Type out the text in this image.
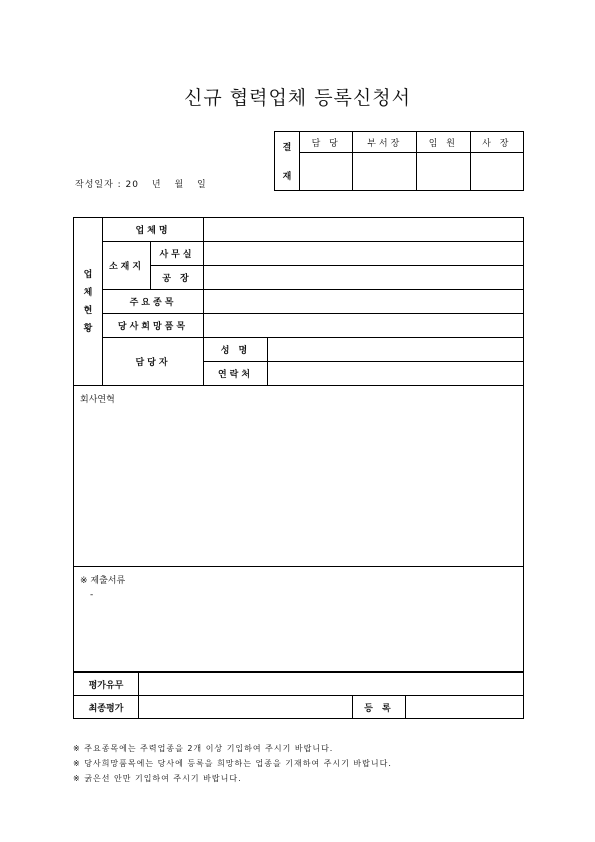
신규 협력업체 등록신청서
작성일자 : 20 년 월 일
결
재	담 당	부서장	임 원	사 장

업
체
현
황	업체명			
	소재지	사무실		
		공 장		
	주요종목			
	당사희망품목			
	담당자		성 명	
			연락처	
회사연혁				
※ 제출서류
-				
평가유무			
최종평가		등 록	
※ 주요종목에는 주력업종을 2개 이상 기입하여 주시기 바랍니다.
※ 당사희망품목에는 당사에 등록을 희망하는 업종을 기재하여 주시기 바랍니다.
※ 굵은선 안만 기입하여 주시기 바랍니다.
